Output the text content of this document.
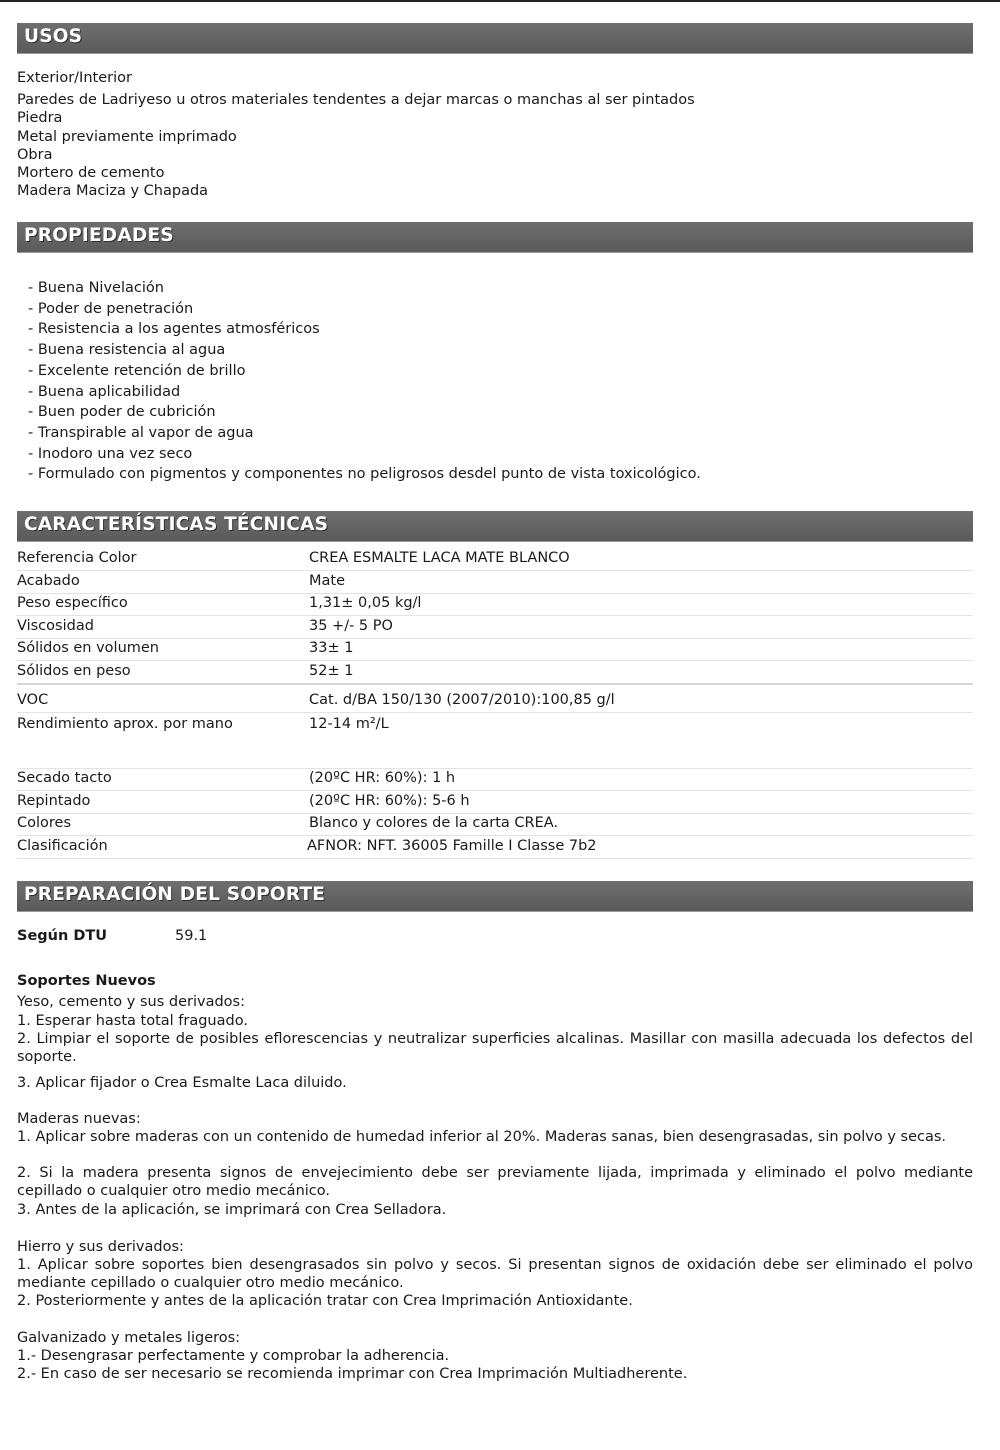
USOS
Exterior/Interior
Paredes de Ladriyeso u otros materiales tendentes a dejar marcas o manchas al ser pintados
Piedra
Metal previamente imprimado
Obra
Mortero de cemento
Madera Maciza y Chapada
PROPIEDADES
- Buena Nivelación
- Poder de penetración
- Resistencia a los agentes atmosféricos
- Buena resistencia al agua
- Excelente retención de brillo
- Buena aplicabilidad
- Buen poder de cubrición
- Transpirable al vapor de agua
- Inodoro una vez seco
- Formulado con pigmentos y componentes no peligrosos desdel punto de vista toxicológico.
CARACTERÍSTICAS TÉCNICAS
Referencia Color	CREA ESMALTE LACA MATE BLANCO
Acabado	Mate
Peso específico	1,31± 0,05 kg/l
Viscosidad	35 +/- 5 PO
Sólidos en volumen	33± 1
Sólidos en peso	52± 1
VOC	Cat. d/BA 150/130 (2007/2010):100,85 g/l
Rendimiento aprox. por mano	12-14 m²/L
Secado tacto	(20ºC HR: 60%): 1 h
Repintado	(20ºC HR: 60%): 5-6 h
Colores	Blanco y colores de la carta CREA.
Clasificación	AFNOR: NFT. 36005 Famille I Classe 7b2
PREPARACIÓN DEL SOPORTE
Según DTU	59.1
Soportes Nuevos
Yeso, cemento y sus derivados:
1. Esperar hasta total fraguado.
2. Limpiar el soporte de posibles eflorescencias y neutralizar superficies alcalinas. Masillar con masilla adecuada los defectos del soporte.
3. Aplicar fijador o Crea Esmalte Laca diluido.
Maderas nuevas:
1. Aplicar sobre maderas con un contenido de humedad inferior al 20%. Maderas sanas, bien desengrasadas, sin polvo y secas.
2. Si la madera presenta signos de envejecimiento debe ser previamente lijada, imprimada y eliminado el polvo mediante cepillado o cualquier otro medio mecánico.
3. Antes de la aplicación, se imprimará con Crea Selladora.
Hierro y sus derivados:
1. Aplicar sobre soportes bien desengrasados sin polvo y secos. Si presentan signos de oxidación debe ser eliminado el polvo mediante cepillado o cualquier otro medio mecánico.
2. Posteriormente y antes de la aplicación tratar con Crea Imprimación Antioxidante.
Galvanizado y metales ligeros:
1.- Desengrasar perfectamente y comprobar la adherencia.
2.- En caso de ser necesario se recomienda imprimar con Crea Imprimación Multiadherente.
